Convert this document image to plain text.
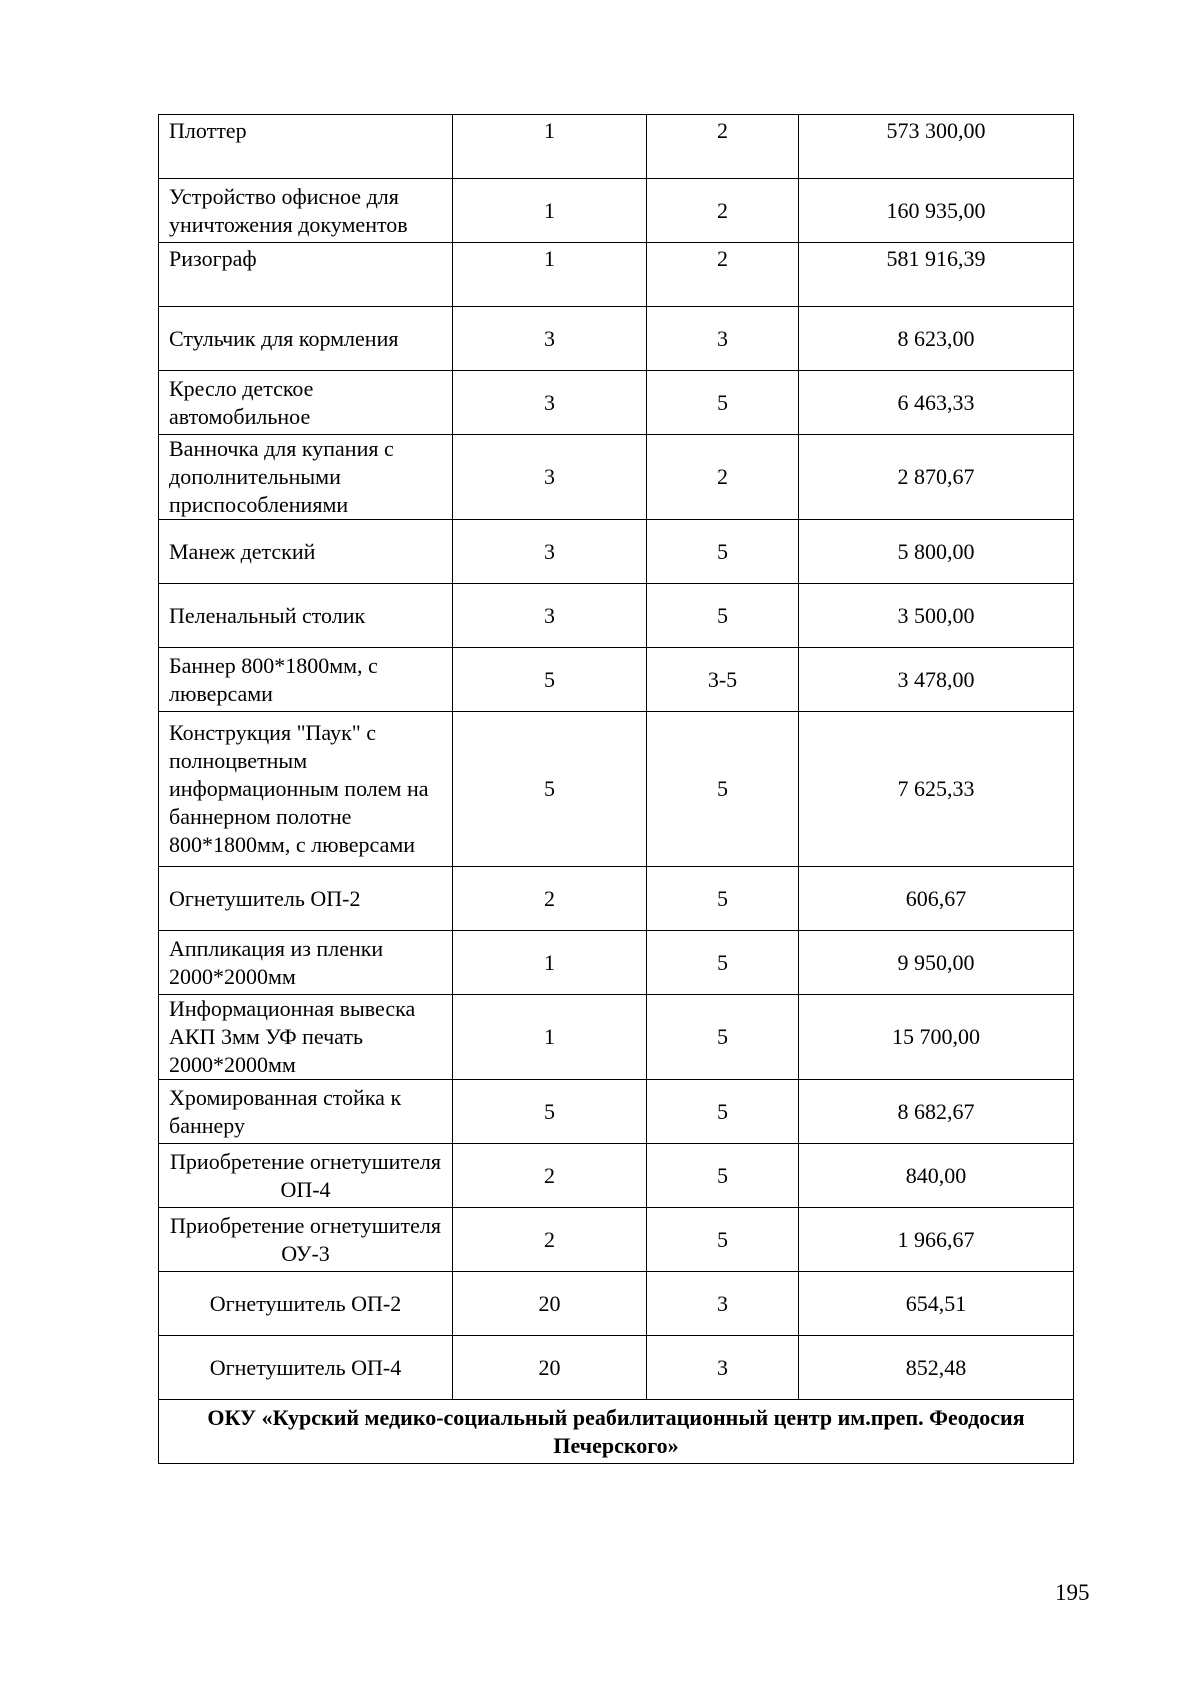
Плоттер	1	2	573 300,00
Устройство офисное для уничтожения документов	1	2	160 935,00
Ризограф	1	2	581 916,39
Стульчик для кормления	3	3	8 623,00
Кресло детское автомобильное	3	5	6 463,33
Ванночка для купания с дополнительными приспособлениями	3	2	2 870,67
Манеж детский	3	5	5 800,00
Пеленальный столик	3	5	3 500,00
Баннер 800*1800мм, с люверсами	5	3-5	3 478,00
Конструкция "Паук" с полноцветным информационным полем на баннерном полотне 800*1800мм, с люверсами	5	5	7 625,33
Огнетушитель ОП-2	2	5	606,67
Аппликация из пленки 2000*2000мм	1	5	9 950,00
Информационная вывеска АКП 3мм УФ печать 2000*2000мм	1	5	15 700,00
Хромированная стойка к баннеру	5	5	8 682,67
Приобретение огнетушителя ОП-4	2	5	840,00
Приобретение огнетушителя ОУ-3	2	5	1 966,67
Огнетушитель ОП-2	20	3	654,51
Огнетушитель ОП-4	20	3	852,48
ОКУ «Курский медико-социальный реабилитационный центр им.преп. Феодосия Печерского»			
195
